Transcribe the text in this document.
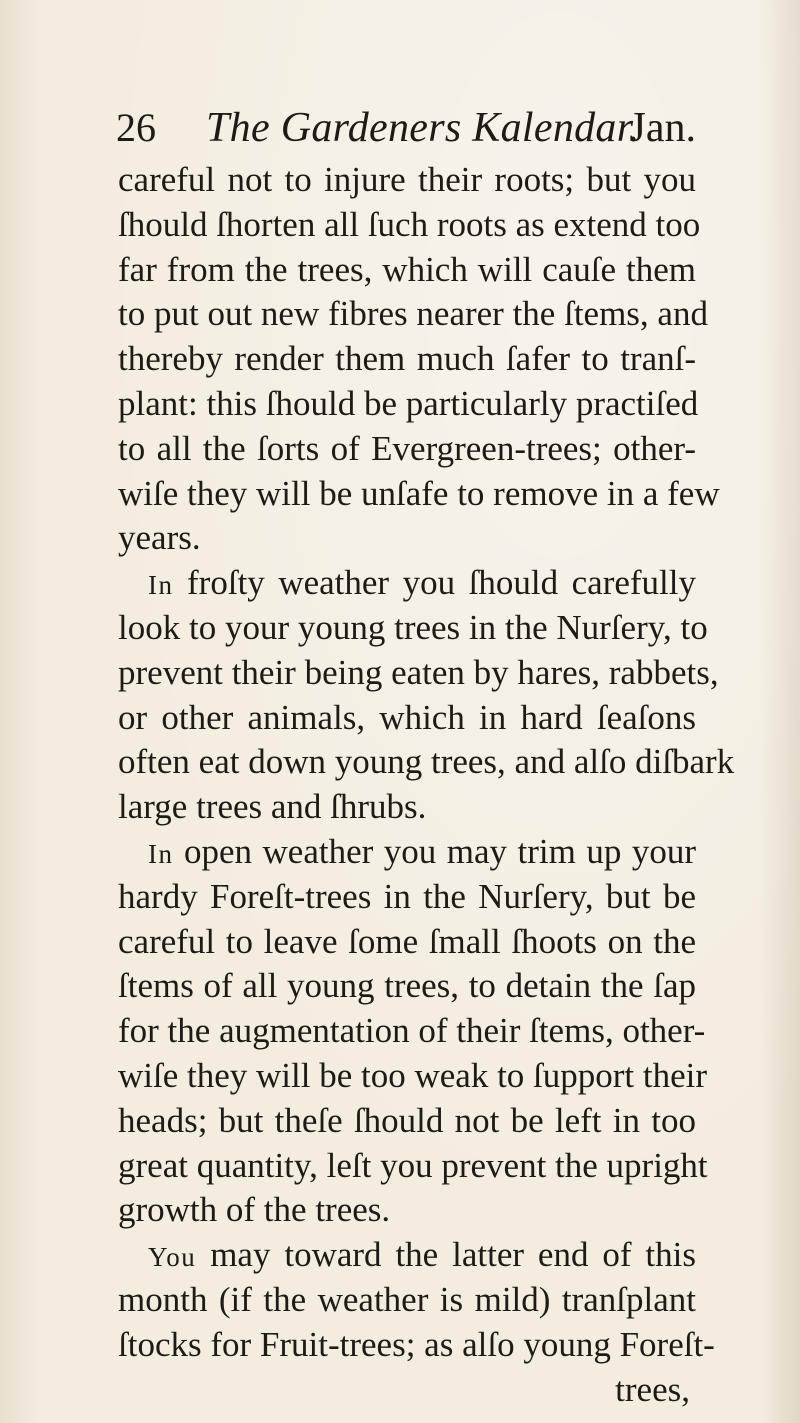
26 The Gardeners Kalendar.
Jan.
careful not to injure their roots; but you
ſhould ſhorten all ſuch roots as extend too
far from the trees, which will cauſe them
to put out new fibres nearer the ſtems, and
thereby render them much ſafer to tranſ-
plant: this ſhould be particularly practiſed
to all the ſorts of Evergreen-trees; other-
wiſe they will be unſafe to remove in a few
years.
In froſty weather you ſhould carefully
look to your young trees in the Nurſery, to
prevent their being eaten by hares, rabbets,
or other animals, which in hard ſeaſons
often eat down young trees, and alſo diſbark
large trees and ſhrubs.
In open weather you may trim up your
hardy Foreſt-trees in the Nurſery, but be
careful to leave ſome ſmall ſhoots on the
ſtems of all young trees, to detain the ſap
for the augmentation of their ſtems, other-
wiſe they will be too weak to ſupport their
heads; but theſe ſhould not be left in too
great quantity, leſt you prevent the upright
growth of the trees.
You may toward the latter end of this
month (if the weather is mild) tranſplant
ſtocks for Fruit-trees; as alſo young Foreſt-
trees,
